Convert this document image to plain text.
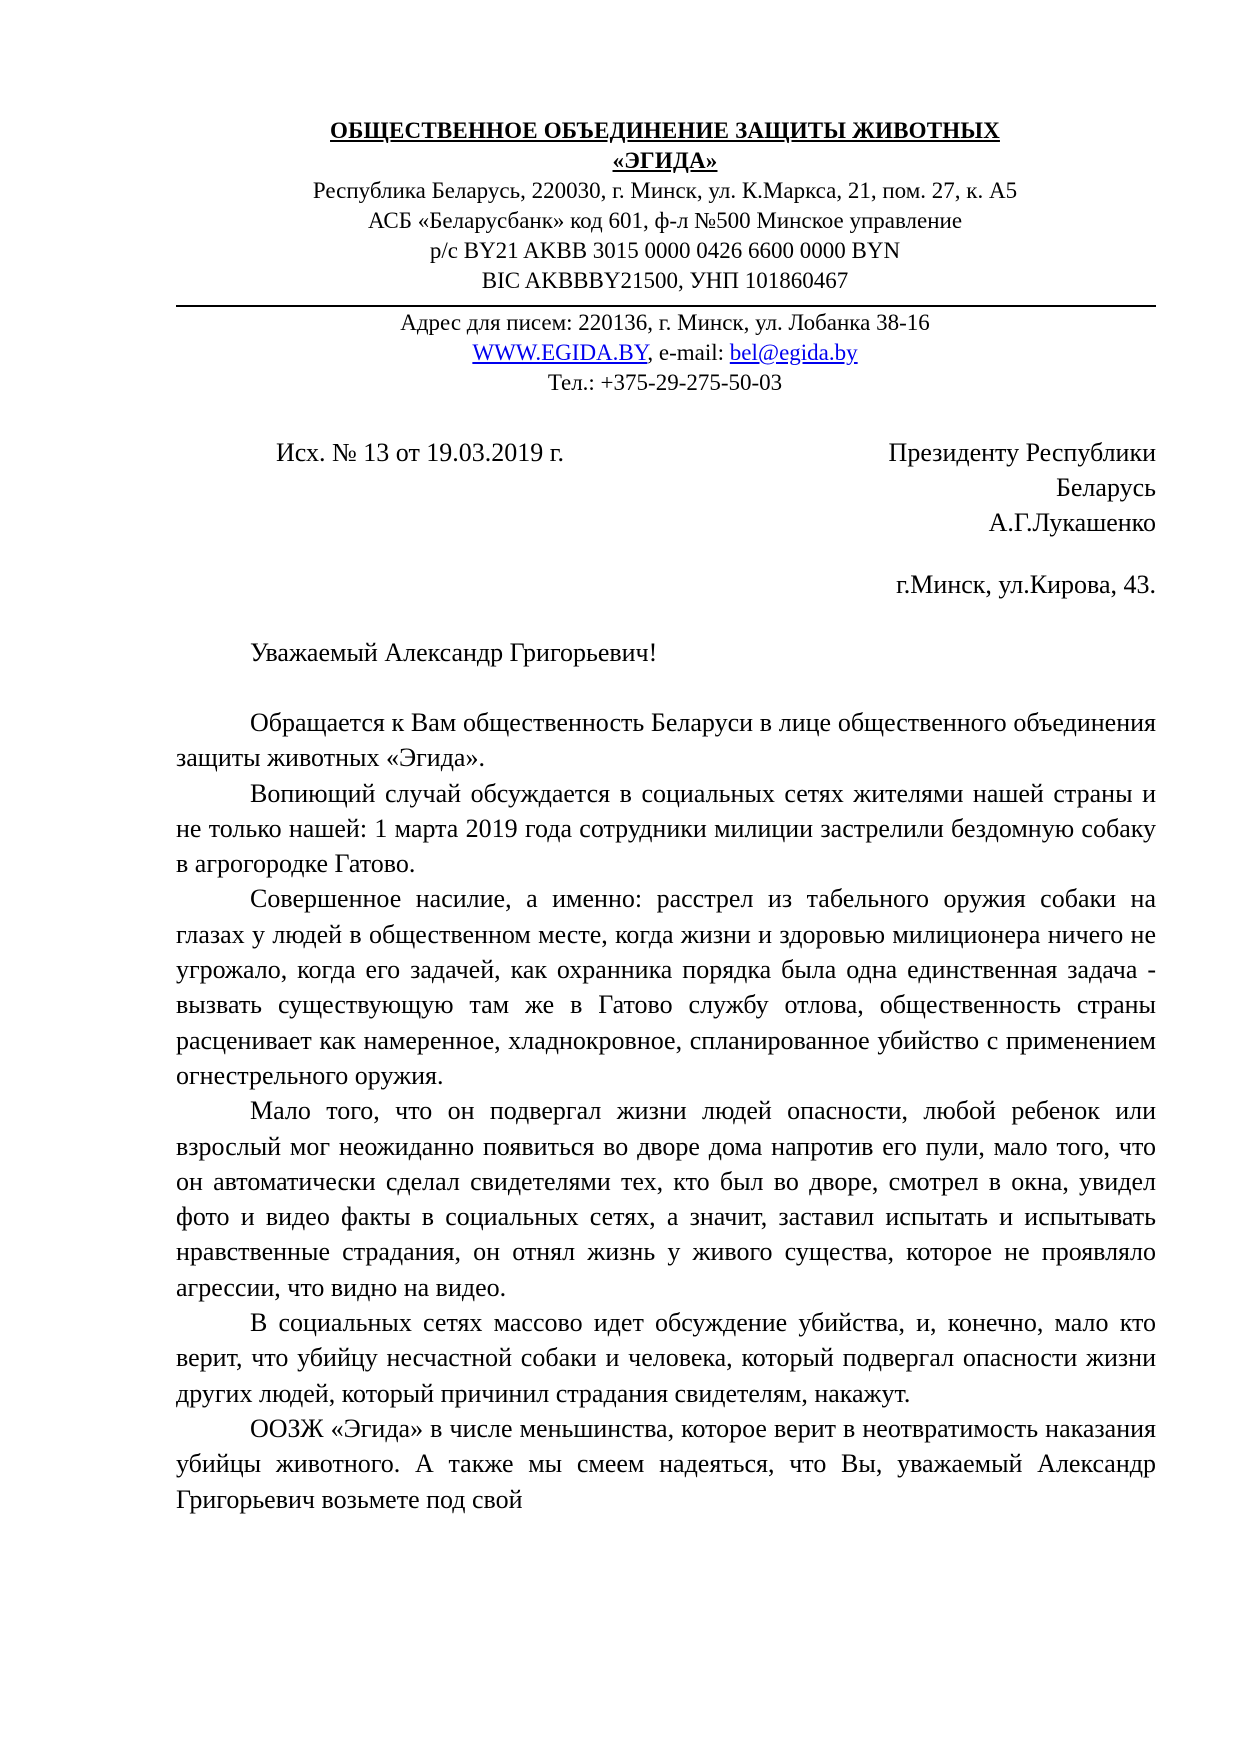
ОБЩЕСТВЕННОЕ ОБЪЕДИНЕНИЕ ЗАЩИТЫ ЖИВОТНЫХ
«ЭГИДА»
Республика Беларусь, 220030, г. Минск, ул. К.Маркса, 21, пом. 27, к. А5
АСБ «Беларусбанк» код 601, ф-л №500 Минское управление
р/с BY21 AKBB 3015 0000 0426 6600 0000 BYN
BIC AKBBBY21500, УНП 101860467
Адрес для писем: 220136, г. Минск, ул. Лобанка 38-16
WWW.EGIDA.BY, e-mail: bel@egida.by
Тел.: +375-29-275-50-03
Исх. № 13 от 19.03.2019 г.	Президенту Республики
Беларусь
А.Г.Лукашенко
г.Минск, ул.Кирова, 43.
Уважаемый Александр Григорьевич!

Обращается к Вам общественность Беларуси в лице общественного объединения защиты животных «Эгида».

Вопиющий случай обсуждается в социальных сетях жителями нашей страны и не только нашей: 1 марта 2019 года сотрудники милиции застрелили бездомную собаку в агрогородке Гатово.

Совершенное насилие, а именно: расстрел из табельного оружия собаки на глазах у людей в общественном месте, когда жизни и здоровью милиционера ничего не угрожало, когда его задачей, как охранника порядка была одна единственная задача - вызвать существующую там же в Гатово службу отлова, общественность страны расценивает как намеренное, хладнокровное, спланированное убийство с применением огнестрельного оружия.

Мало того, что он подвергал жизни людей опасности, любой ребенок или взрослый мог неожиданно появиться во дворе дома напротив его пули, мало того, что он автоматически сделал свидетелями тех, кто был во дворе, смотрел в окна, увидел фото и видео факты в социальных сетях, а значит, заставил испытать и испытывать нравственные страдания, он отнял жизнь у живого существа, которое не проявляло агрессии, что видно на видео.

В социальных сетях массово идет обсуждение убийства, и, конечно, мало кто верит, что убийцу несчастной собаки и человека, который подвергал опасности жизни других людей, который причинил страдания свидетелям, накажут.

ООЗЖ «Эгида» в числе меньшинства, которое верит в неотвратимость наказания убийцы животного. А также мы смеем надеяться, что Вы, уважаемый Александр Григорьевич возьмете под свой
